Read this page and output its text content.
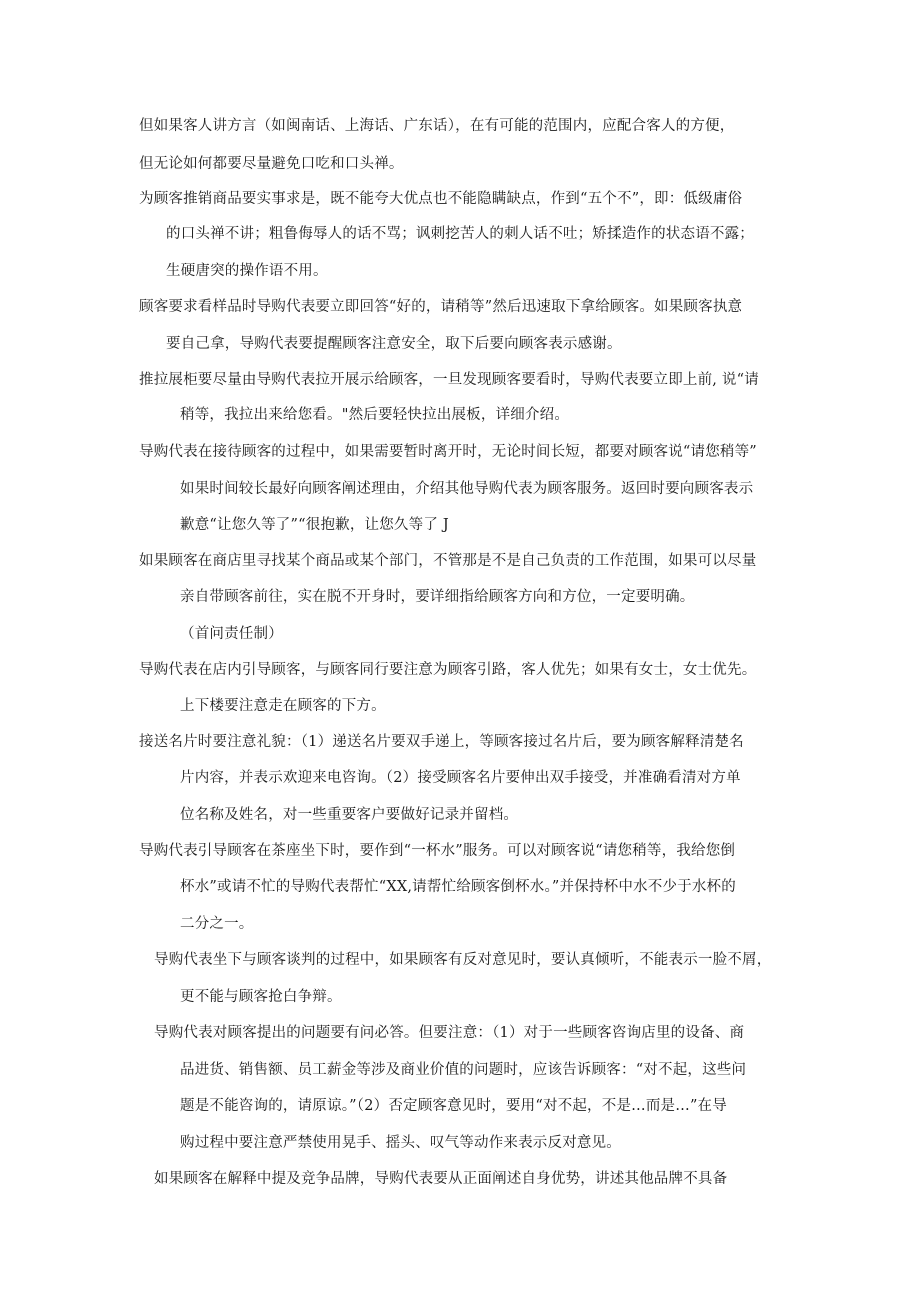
但如果客人讲方言（如闽南话、上海话、广东话），在有可能的范围内，应配合客人的方便，
但无论如何都要尽量避免口吃和口头禅。
为顾客推销商品要实事求是，既不能夸大优点也不能隐瞒缺点，作到“五个不”，即：低级庸俗
的口头禅不讲；粗鲁侮辱人的话不骂；讽刺挖苦人的刺人话不吐；矫揉造作的状态语不露；
生硬唐突的操作语不用。
顾客要求看样品时导购代表要立即回答“好的，请稍等”然后迅速取下拿给顾客。如果顾客执意
要自己拿，导购代表要提醒顾客注意安全，取下后要向顾客表示感谢。
推拉展柜要尽量由导购代表拉开展示给顾客，一旦发现顾客要看时，导购代表要立即上前, 说“请
稍等，我拉出来给您看。"然后要轻快拉出展板，详细介绍。
导购代表在接待顾客的过程中，如果需要暂时离开时，无论时间长短，都要对顾客说“请您稍等”
如果时间较长最好向顾客阐述理由，介绍其他导购代表为顾客服务。返回时要向顾客表示
歉意“让您久等了”“很抱歉，让您久等了 J
如果顾客在商店里寻找某个商品或某个部门，不管那是不是自己负责的工作范围，如果可以尽量
亲自带顾客前往，实在脱不开身时，要详细指给顾客方向和方位，一定要明确。
（首问责任制）
导购代表在店内引导顾客，与顾客同行要注意为顾客引路，客人优先；如果有女士，女士优先。
上下楼要注意走在顾客的下方。
接送名片时要注意礼貌：（1）递送名片要双手递上，等顾客接过名片后，要为顾客解释清楚名
片内容，并表示欢迎来电咨询。（2）接受顾客名片要伸出双手接受，并准确看清对方单
位名称及姓名，对一些重要客户要做好记录并留档。
导购代表引导顾客在茶座坐下时，要作到“一杯水”服务。可以对顾客说“请您稍等，我给您倒
杯水”或请不忙的导购代表帮忙“XX,请帮忙给顾客倒杯水。”并保持杯中水不少于水杯的
二分之一。
导购代表坐下与顾客谈判的过程中，如果顾客有反对意见时，要认真倾听，不能表示一脸不屑，
更不能与顾客抢白争辩。
导购代表对顾客提出的问题要有问必答。但要注意：（1）对于一些顾客咨询店里的设备、商
品进货、销售额、员工薪金等涉及商业价值的问题时，应该告诉顾客：“对不起，这些问
题是不能咨询的，请原谅。”（2）否定顾客意见时，要用“对不起，不是…而是…”在导
购过程中要注意严禁使用晃手、摇头、叹气等动作来表示反对意见。
如果顾客在解释中提及竞争品牌，导购代表要从正面阐述自身优势，讲述其他品牌不具备
